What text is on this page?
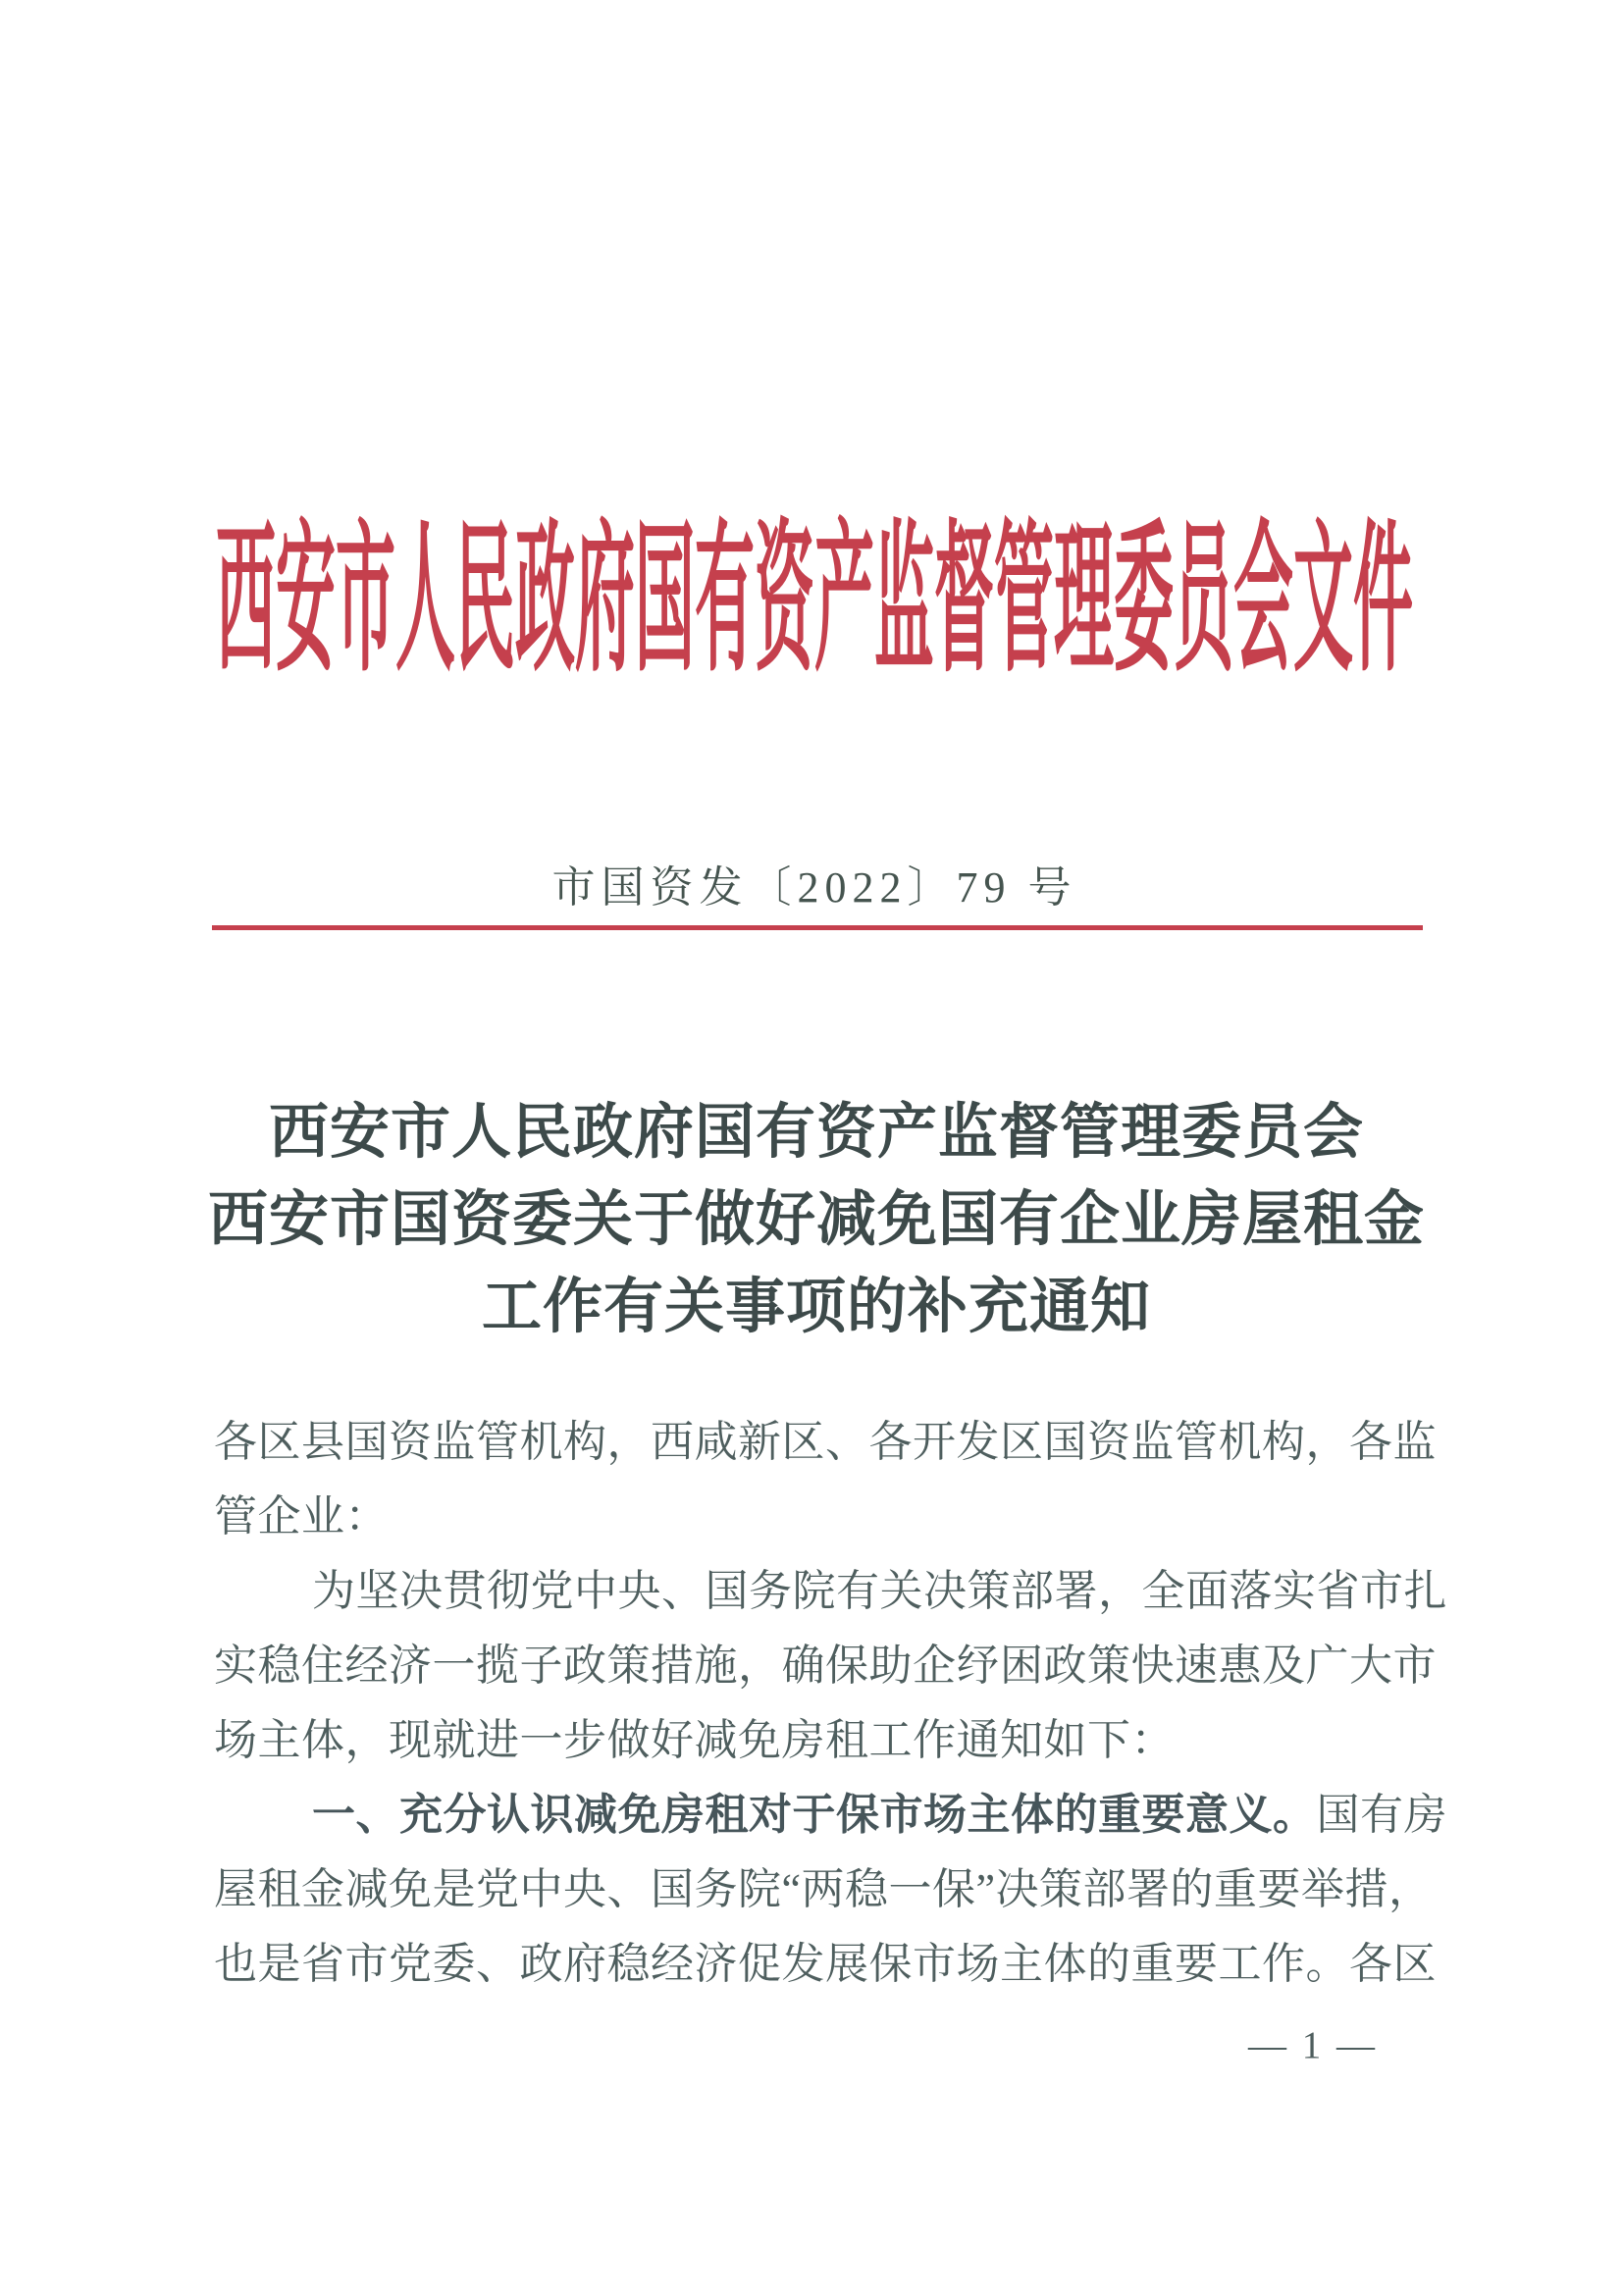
西安市人民政府国有资产监督管理委员会文件
市国资发〔2022〕79 号
西安市人民政府国有资产监督管理委员会
西安市国资委关于做好减免国有企业房屋租金
工作有关事项的补充通知
各区县国资监管机构，西咸新区、各开发区国资监管机构，各监
管企业：
为坚决贯彻党中央、国务院有关决策部署，全面落实省市扎
实稳住经济一揽子政策措施，确保助企纾困政策快速惠及广大市
场主体，现就进一步做好减免房租工作通知如下：
一、充分认识减免房租对于保市场主体的重要意义。国有房
屋租金减免是党中央、国务院“两稳一保”决策部署的重要举措，
也是省市党委、政府稳经济促发展保市场主体的重要工作。各区
— 1 —
